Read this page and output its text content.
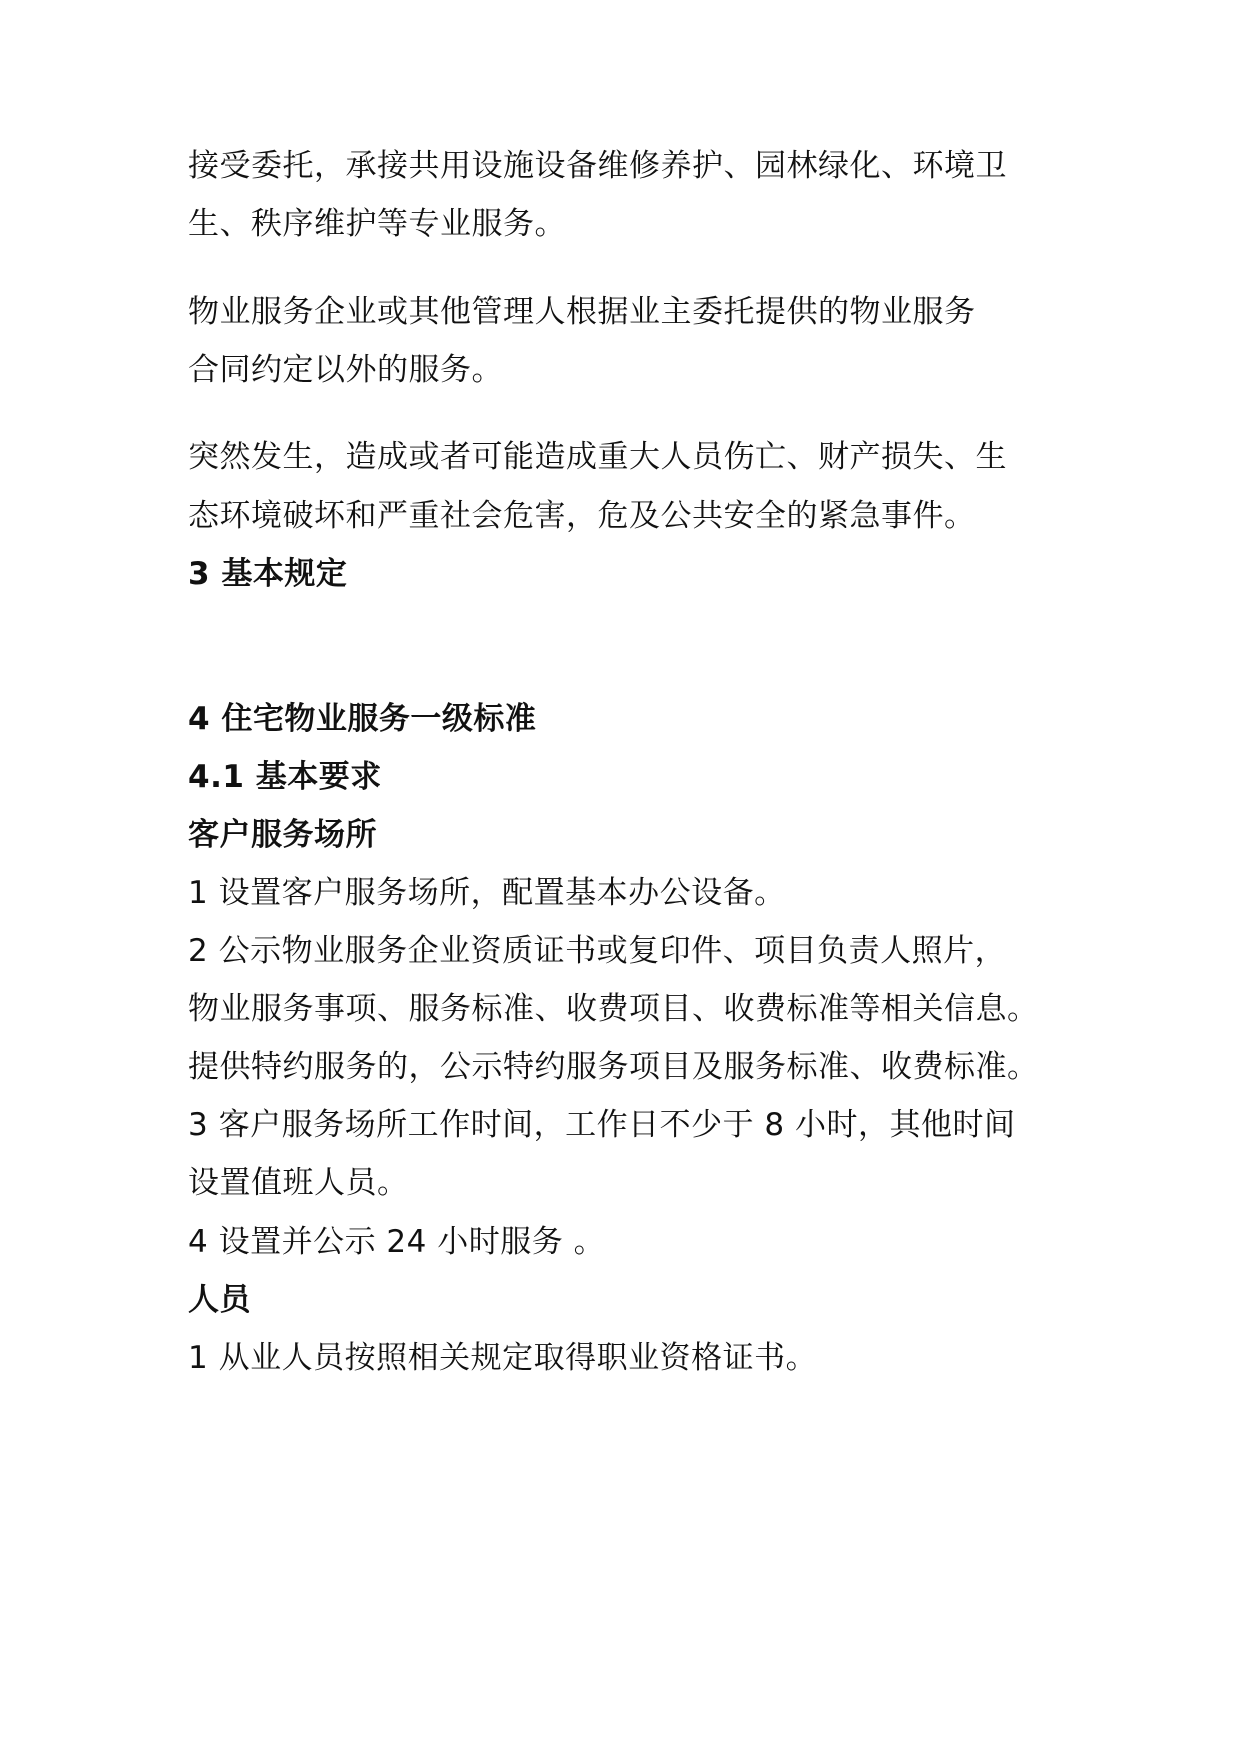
接受委托，承接共用设施设备维修养护、园林绿化、环境卫
生、秩序维护等专业服务。
物业服务企业或其他管理人根据业主委托提供的物业服务
合同约定以外的服务。
突然发生，造成或者可能造成重大人员伤亡、财产损失、生
态环境破坏和严重社会危害，危及公共安全的紧急事件。
3 基本规定
4 住宅物业服务一级标准
4.1 基本要求
客户服务场所
1 设置客户服务场所，配置基本办公设备。
2 公示物业服务企业资质证书或复印件、项目负责人照片，
物业服务事项、服务标准、收费项目、收费标准等相关信息。
提供特约服务的，公示特约服务项目及服务标准、收费标准。
3 客户服务场所工作时间，工作日不少于 8 小时，其他时间
设置值班人员。
4 设置并公示 24 小时服务 。
人员
1 从业人员按照相关规定取得职业资格证书。
